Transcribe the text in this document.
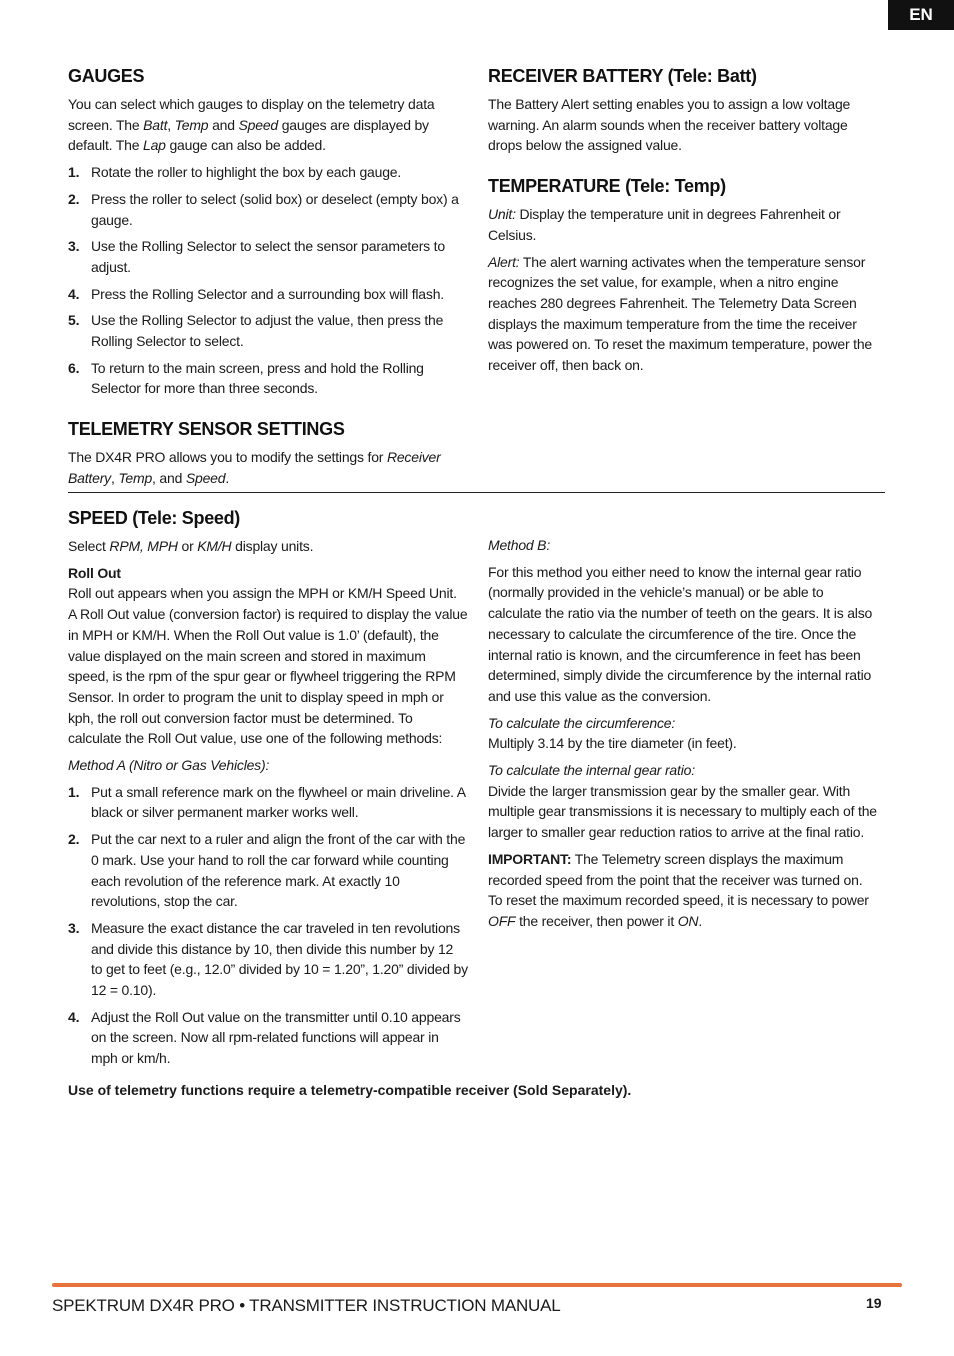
EN
GAUGES

You can select which gauges to display on the telemetry data screen. The Batt, Temp and Speed gauges are displayed by default. The Lap gauge can also be added.

1. Rotate the roller to highlight the box by each gauge.
2. Press the roller to select (solid box) or deselect (empty box) a gauge.
3. Use the Rolling Selector to select the sensor parameters to adjust.
4. Press the Rolling Selector and a surrounding box will flash.
5. Use the Rolling Selector to adjust the value, then press the Rolling Selector to select.
6. To return to the main screen, press and hold the Rolling Selector for more than three seconds.
TELEMETRY SENSOR SETTINGS

The DX4R PRO allows you to modify the settings for Receiver Battery, Temp, and Speed.

RECEIVER BATTERY (Tele: Batt)

The Battery Alert setting enables you to assign a low voltage warning. An alarm sounds when the receiver battery voltage drops below the assigned value.

TEMPERATURE (Tele: Temp)

Unit: Display the temperature unit in degrees Fahrenheit or Celsius.

Alert: The alert warning activates when the temperature sensor recognizes the set value, for example, when a nitro engine reaches 280 degrees Fahrenheit. The Telemetry Data Screen displays the maximum temperature from the time the receiver was powered on. To reset the maximum temperature, power the receiver off, then back on.

SPEED (Tele: Speed)

Select RPM, MPH or KM/H display units.

Roll Out

Roll out appears when you assign the MPH or KM/H Speed Unit. A Roll Out value (conversion factor) is required to display the value in MPH or KM/H. When the Roll Out value is 1.0’ (default), the value displayed on the main screen and stored in maximum speed, is the rpm of the spur gear or flywheel triggering the RPM Sensor. In order to program the unit to display speed in mph or kph, the roll out conversion factor must be determined. To calculate the Roll Out value, use one of the following methods:

Method A (Nitro or Gas Vehicles):

1. Put a small reference mark on the flywheel or main driveline. A black or silver permanent marker works well.
2. Put the car next to a ruler and align the front of the car with the 0 mark. Use your hand to roll the car forward while counting each revolution of the reference mark. At exactly 10 revolutions, stop the car.
3. Measure the exact distance the car traveled in ten revolutions and divide this distance by 10, then divide this number by 12 to get to feet (e.g., 12.0” divided by 10 = 1.20”, 1.20” divided by 12 = 0.10).
4. Adjust the Roll Out value on the transmitter until 0.10 appears on the screen. Now all rpm-related functions will appear in mph or km/h.

Method B:

For this method you either need to know the internal gear ratio (normally provided in the vehicle’s manual) or be able to calculate the ratio via the number of teeth on the gears. It is also necessary to calculate the circumference of the tire. Once the internal ratio is known, and the circumference in feet has been determined, simply divide the circumference by the internal ratio and use this value as the conversion.

To calculate the circumference:

Multiply 3.14 by the tire diameter (in feet).

To calculate the internal gear ratio:

Divide the larger transmission gear by the smaller gear. With multiple gear transmissions it is necessary to multiply each of the larger to smaller gear reduction ratios to arrive at the final ratio.

IMPORTANT: The Telemetry screen displays the maximum recorded speed from the point that the receiver was turned on. To reset the maximum recorded speed, it is necessary to power OFF the receiver, then power it ON.

Use of telemetry functions require a telemetry-compatible receiver (Sold Separately).
SPEKTRUM DX4R PRO • TRANSMITTER INSTRUCTION MANUAL	19
